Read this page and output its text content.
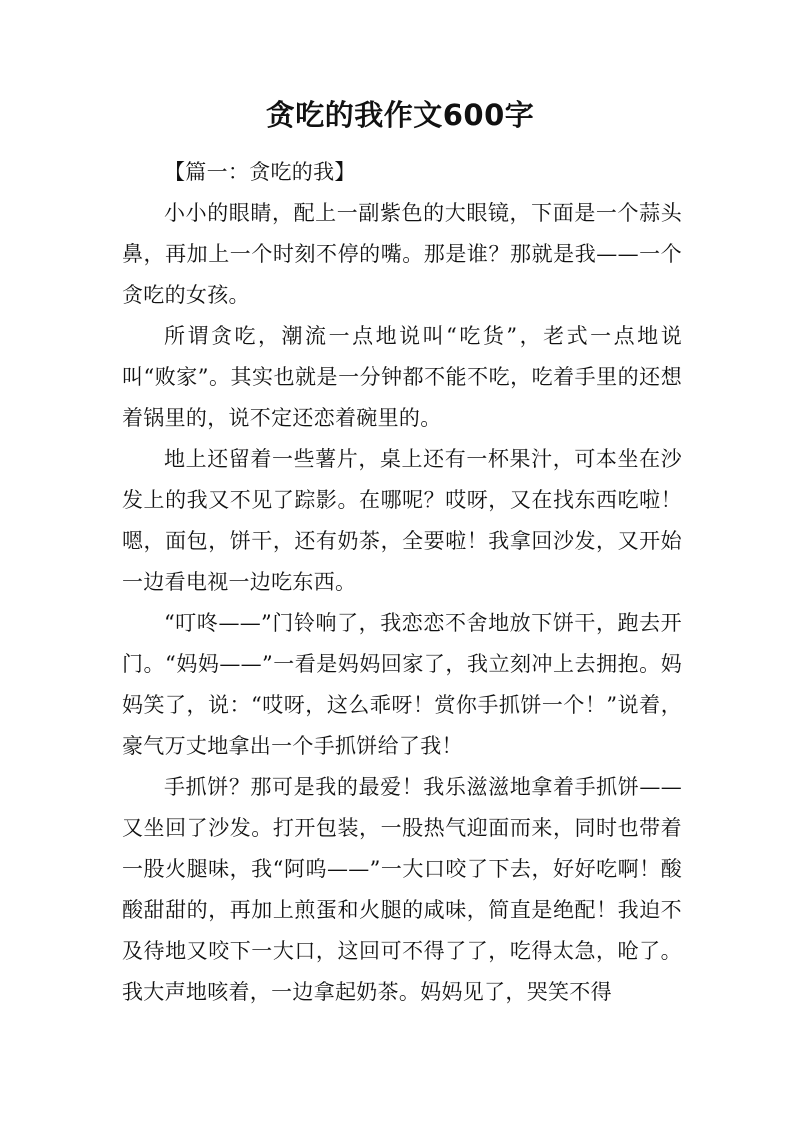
贪吃的我作文600字

【篇一：贪吃的我】

小小的眼睛，配上一副紫色的大眼镜，下面是一个蒜头鼻，再加上一个时刻不停的嘴。那是谁？那就是我——一个贪吃的女孩。

所谓贪吃，潮流一点地说叫“吃货”，老式一点地说叫“败家”。其实也就是一分钟都不能不吃，吃着手里的还想着锅里的，说不定还恋着碗里的。

地上还留着一些薯片，桌上还有一杯果汁，可本坐在沙发上的我又不见了踪影。在哪呢？哎呀，又在找东西吃啦！嗯，面包，饼干，还有奶茶，全要啦！我拿回沙发，又开始一边看电视一边吃东西。

“叮咚——”门铃响了，我恋恋不舍地放下饼干，跑去开门。“妈妈——”一看是妈妈回家了，我立刻冲上去拥抱。妈妈笑了，说：“哎呀，这么乖呀！赏你手抓饼一个！”说着，豪气万丈地拿出一个手抓饼给了我！

手抓饼？那可是我的最爱！我乐滋滋地拿着手抓饼——又坐回了沙发。打开包装，一股热气迎面而来，同时也带着一股火腿味，我“阿呜——”一大口咬了下去，好好吃啊！酸酸甜甜的，再加上煎蛋和火腿的咸味，简直是绝配！我迫不及待地又咬下一大口，这回可不得了了，吃得太急，呛了。我大声地咳着，一边拿起奶茶。妈妈见了，哭笑不得
